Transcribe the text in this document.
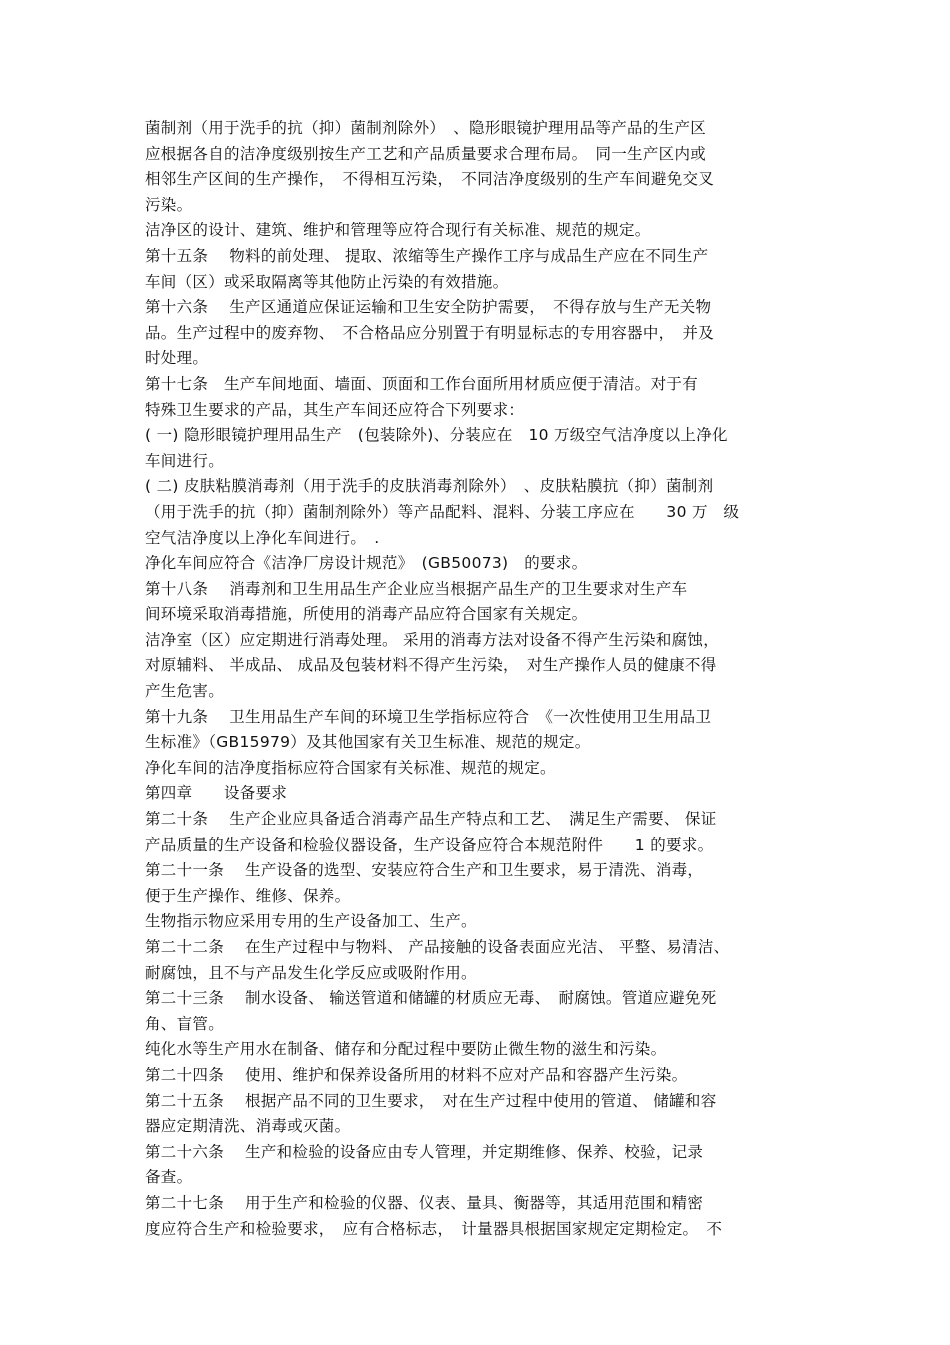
菌制剂（用于洗手的抗（抑）菌制剂除外）　、隐形眼镜护理用品等产品的生产区
应根据各自的洁净度级别按生产工艺和产品质量要求合理布局。　同一生产区内或
相邻生产区间的生产操作，　不得相互污染，　不同洁净度级别的生产车间避免交叉
污染。
洁净区的设计、建筑、维护和管理等应符合现行有关标准、规范的规定。
第十五条　 物料的前处理、 提取、浓缩等生产操作工序与成品生产应在不同生产
车间（区）或采取隔离等其他防止污染的有效措施。
第十六条　 生产区通道应保证运输和卫生安全防护需要，　不得存放与生产无关物
品。生产过程中的废弃物、　不合格品应分别置于有明显标志的专用容器中，　并及
时处理。
第十七条　生产车间地面、墙面、顶面和工作台面所用材质应便于清洁。对于有
特殊卫生要求的产品，其生产车间还应符合下列要求：
( 一) 隐形眼镜护理用品生产　(包装除外)、分装应在　10 万级空气洁净度以上净化
车间进行。
( 二) 皮肤粘膜消毒剂（用于洗手的皮肤消毒剂除外）　、皮肤粘膜抗（抑）菌制剂
（用于洗手的抗（抑）菌制剂除外）等产品配料、混料、分装工序应在　　30 万　级
空气洁净度以上净化车间进行。　.
净化车间应符合《洁净厂房设计规范》　(GB50073)　的要求。
第十八条　 消毒剂和卫生用品生产企业应当根据产品生产的卫生要求对生产车
间环境采取消毒措施，所使用的消毒产品应符合国家有关规定。
洁净室（区）应定期进行消毒处理。 采用的消毒方法对设备不得产生污染和腐蚀，
对原辅料、 半成品、 成品及包装材料不得产生污染，　对生产操作人员的健康不得
产生危害。
第十九条　 卫生用品生产车间的环境卫生学指标应符合　《一次性使用卫生用品卫
生标准》（GB15979）及其他国家有关卫生标准、规范的规定。
净化车间的洁净度指标应符合国家有关标准、规范的规定。
第四章　　设备要求
第二十条　 生产企业应具备适合消毒产品生产特点和工艺、　满足生产需要、 保证
产品质量的生产设备和检验仪器设备，生产设备应符合本规范附件　　1 的要求。
第二十一条　 生产设备的选型、安装应符合生产和卫生要求，易于清洗、消毒，
便于生产操作、维修、保养。
生物指示物应采用专用的生产设备加工、生产。
第二十二条　 在生产过程中与物料、 产品接触的设备表面应光洁、 平整、易清洁、
耐腐蚀，且不与产品发生化学反应或吸附作用。
第二十三条　 制水设备、 输送管道和储罐的材质应无毒、　耐腐蚀。管道应避免死
角、盲管。
纯化水等生产用水在制备、储存和分配过程中要防止微生物的滋生和污染。
第二十四条　 使用、维护和保养设备所用的材料不应对产品和容器产生污染。
第二十五条　 根据产品不同的卫生要求，　对在生产过程中使用的管道、 储罐和容
器应定期清洗、消毒或灭菌。
第二十六条　 生产和检验的设备应由专人管理，并定期维修、保养、校验，记录
备查。
第二十七条　 用于生产和检验的仪器、仪表、量具、衡器等，其适用范围和精密
度应符合生产和检验要求，　应有合格标志，　计量器具根据国家规定定期检定。　不
